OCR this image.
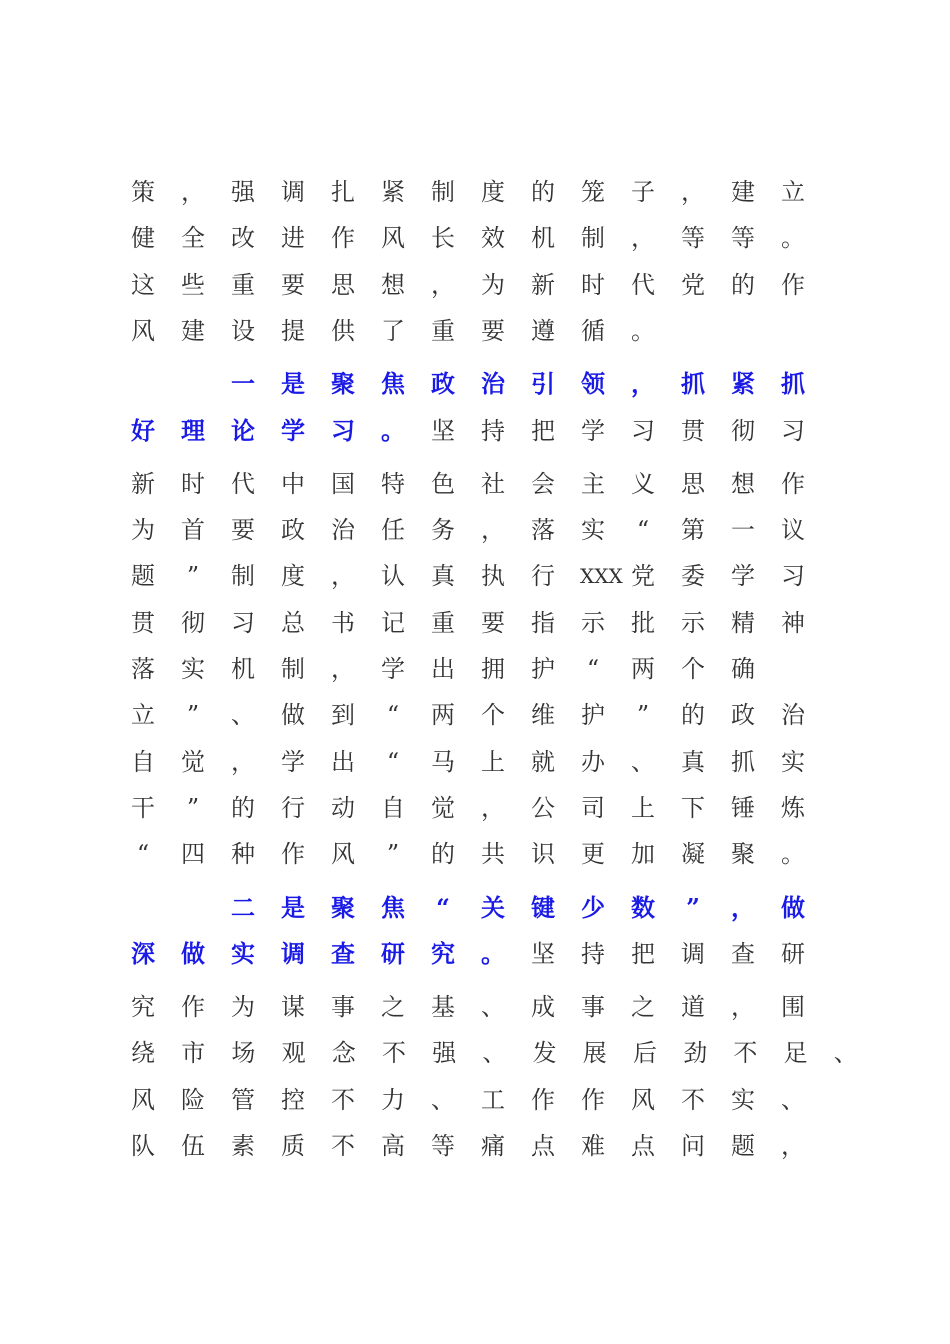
策 ， 强 调 扎 紧 制 度 的 笼 子 ， 建 立
健 全 改 进 作 风 长 效 机 制 ， 等 等 。
这 些 重 要 思 想 ， 为 新 时 代 党 的 作
风 建 设 提 供 了 重 要 遵 循 。
一 是 聚 焦 政 治 引 领 ， 抓 紧 抓
好 理 论 学 习 。 坚 持 把 学 习 贯 彻 习
新 时 代 中 国 特 色 社 会 主 义 思 想 作
为 首 要 政 治 任 务 ， 落 实 “ 第 一 议
题 ” 制 度 ， 认 真 执 行 XXX 党 委 学 习
贯 彻 习 总 书 记 重 要 指 示 批 示 精 神
落 实 机 制 ， 学 出 拥 护 “ 两 个 确
立 ” 、 做 到 “ 两 个 维 护 ” 的 政 治
自 觉 ， 学 出 “ 马 上 就 办 、 真 抓 实
干 ” 的 行 动 自 觉 ， 公 司 上 下 锤 炼
“ 四 种 作 风 ” 的 共 识 更 加 凝 聚 。
二 是 聚 焦 “ 关 键 少 数 ” ， 做
深 做 实 调 查 研 究 。 坚 持 把 调 查 研
究 作 为 谋 事 之 基 、 成 事 之 道 ， 围
绕 市 场 观 念 不 强 、 发 展 后 劲 不 足 、
风 险 管 控 不 力 、 工 作 作 风 不 实 、
队 伍 素 质 不 高 等 痛 点 难 点 问 题 ，
